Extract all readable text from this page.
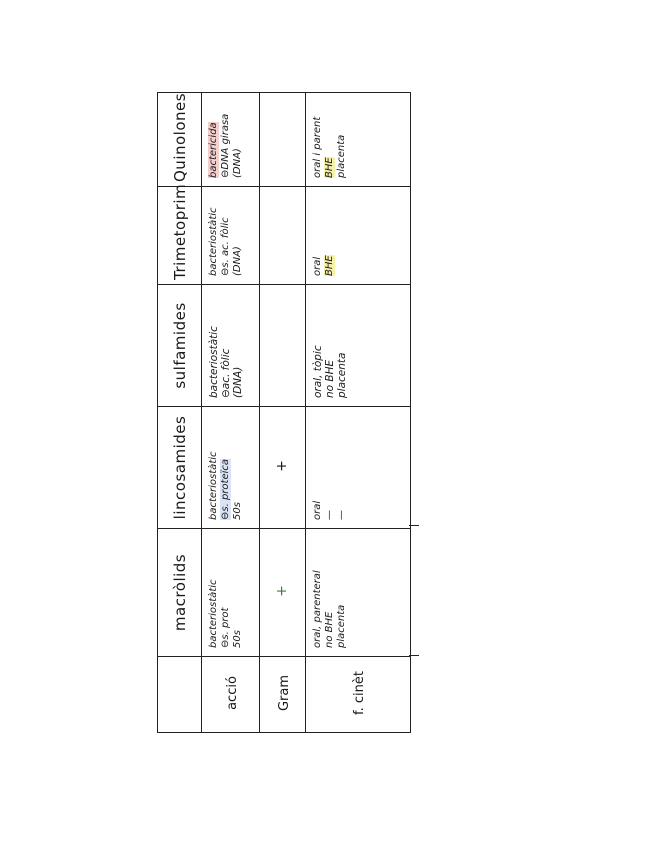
	macròlids	lincosamides	sulfamides	Trimetoprim	Quinolones
acció	bacteriostàtic ⊖s. prot 50s	bacteriostàtic ⊖s. proteïca 50s	bacteriostàtic ⊖ac. fòlic (DNA)	bacteriostàtic ⊖s. ac. fòlic (DNA)	bactericida ⊖DNA girasa (DNA)

Gram	+	+			

f. cinèt	oral, parenteral no BHE placenta	oral — —	oral, tòpic no BHE placenta	oral BHE	oral i parent BHE placenta
